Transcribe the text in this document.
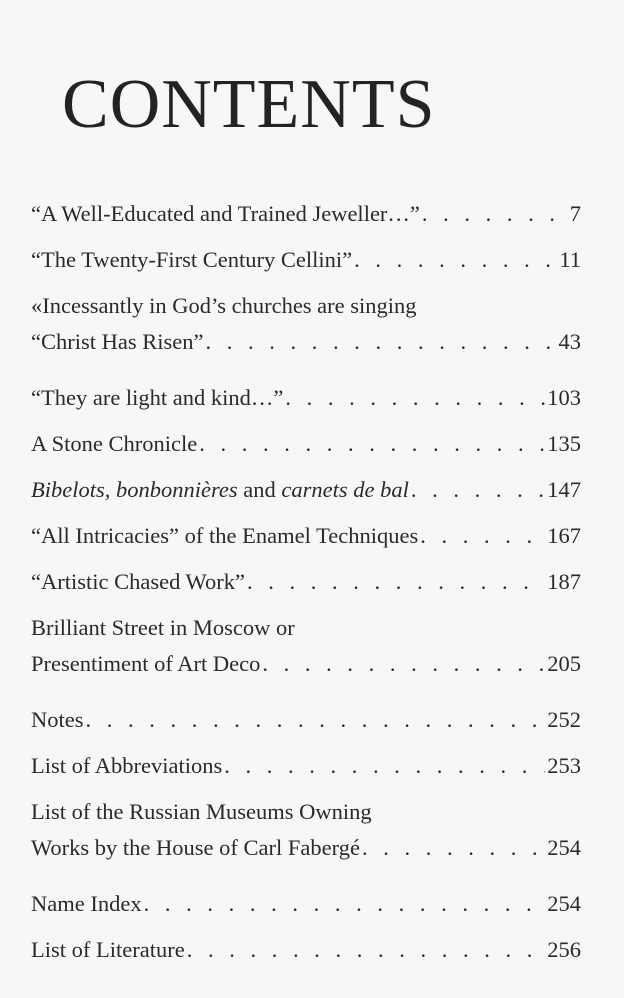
CONTENTS
“A Well-Educated and Trained Jeweller…” . . .	7
“The Twenty-First Century Cellini” . . .	11
«Incessantly in God’s churches are singing
“Christ Has Risen” . . .	43
“They are light and kind…” . . .	103
A Stone Chronicle . . .	135
Bibelots, bonbonnières and carnets de bal . . .	147
“All Intricacies” of the Enamel Techniques . . .	167
“Artistic Chased Work” . . .	187
Brilliant Street in Moscow or
Presentiment of Art Deco . . .	205
Notes . . .	252
List of Abbreviations . . .	253
List of the Russian Museums Owning
Works by the House of Carl Fabergé . . .	254
Name Index . . .	254
List of Literature . . .	256
